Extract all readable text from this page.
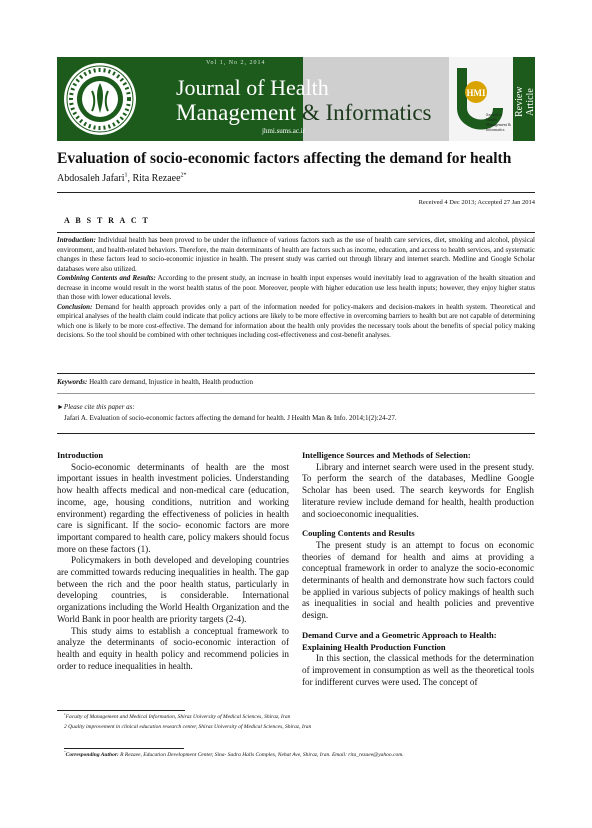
Vol 1, No 2, 2014
Journal of Health
Management & Informatics
jhmi.sums.ac.ir
HMI
Journal of Health Management & Informatics
Review Article
Evaluation of socio-economic factors affecting the demand for health
Abdosaleh Jafari$^1$, Rita Rezaee$^{2*}$
Received 4 Dec 2013; Accepted 27 Jan 2014
A B S T R A C T
Introduction: Individual health has been proved to be under the influence of various factors such as the use of health care services, diet, smoking and alcohol, physical environment, and health-related behaviors. Therefore, the main determinants of health are factors such as income, education, and access to health services, and systematic changes in these factors lead to socio-economic injustice in health. The present study was carried out through library and internet search. Medline and Google Scholar databases were also utilized.
Combining Contents and Results: According to the present study, an increase in health input expenses would inevitably lead to aggravation of the health situation and decrease in income would result in the worst health status of the poor. Moreover, people with higher education use less health inputs; however, they enjoy higher status than those with lower educational levels.
Conclusion: Demand for health approach provides only a part of the information needed for policy-makers and decision-makers in health system. Theoretical and empirical analyses of the health claim could indicate that policy actions are likely to be more effective in overcoming barriers to health but are not capable of determining which one is likely to be more cost-effective. The demand for information about the health only provides the necessary tools about the benefits of special policy making decisions. So the tool should be combined with other techniques including cost-effectiveness and cost-benefit analyses.
Keywords: Health care demand, Injustice in health, Health production
►Please cite this paper as:
Jafari A. Evaluation of socio-economic factors affecting the demand for health. J Health Man & Info. 2014;1(2):24-27.
Introduction

Socio-economic determinants of health are the most important issues in health investment policies. Understanding how health affects medical and non-medical care (education, income, age, housing conditions, nutrition and working environment) regarding the effectiveness of policies in health care is significant. If the socio- economic factors are more important compared to health care, policy makers should focus more on these factors (1).

Policymakers in both developed and developing countries are committed towards reducing inequalities in health. The gap between the rich and the poor health status, particularly in developing countries, is considerable. International organizations including the World Health Organization and the World Bank in poor health are priority targets (2-4).

This study aims to establish a conceptual framework to analyze the determinants of socio-economic interaction of health and equity in health policy and recommend policies in order to reduce inequalities in health.

Intelligence Sources and Methods of Selection:

Library and internet search were used in the present study. To perform the search of the databases, Medline Google Scholar has been used. The search keywords for English literature review include demand for health, health production and socioeconomic inequalities.

Coupling Contents and Results

The present study is an attempt to focus on economic theories of demand for health and aims at providing a conceptual framework in order to analyze the socio-economic determinants of health and demonstrate how such factors could be applied in various subjects of policy makings of health such as inequalities in social and health policies and preventive design.

Demand Curve and a Geometric Approach to Health: Explaining Health Production Function

In this section, the classical methods for the determination of improvement in consumption as well as the theoretical tools for indifferent curves were used. The concept of

$^1$Faculty of Management and Medical Information, Shiraz University of Medical Sciences, Shiraz, Iran
2 Quality improvement in clinical education research center, Shiraz University of Medical Sciences, Shiraz, Iran
*Corresponding Author: R Rezaee, Education Development Center, Sina- Sadra Halls Complex, Nehat Ave, Shiraz, Iran. Email: rita_rezaee@yahoo.com.
